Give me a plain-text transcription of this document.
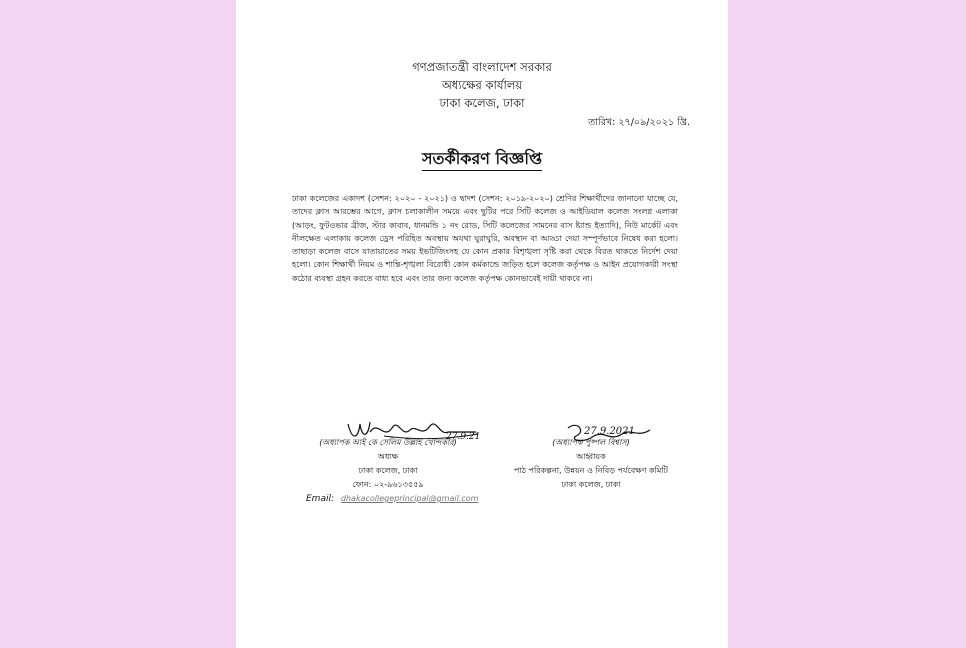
গণপ্রজাতন্ত্রী বাংলাদেশ সরকার
অধ্যক্ষের কার্যালয়
ঢাকা কলেজ, ঢাকা
তারিখ: ২৭/০৯/২০২১ খ্রি.
সতর্কীকরণ বিজ্ঞপ্তি
ঢাকা কলেজের একাদশ (সেশন: ২০২০ - ২০২১) ও দ্বাদশ (সেশন: ২০১৯-২০২০) শ্রেণির শিক্ষার্থীদের জানানো যাচ্ছে যে, তাদের ক্লাস আরম্ভের আগে, ক্লাস চলাকালীন সময়ে এবং ছুটির পরে সিটি কলেজ ও আইডিয়াল কলেজ সংলগ্ন এলাকা (আড়ং, ফুটওভার ব্রীজ, স্টার কাবাব, ধানমন্ডি ১ নং রোড, সিটি কলেজের সামনের বাস ষ্ট্যান্ড ইত্যাদি), নিউ মার্কেট এবং নীলক্ষেত এলাকায় কলেজ ড্রেস পরিহিত অবস্থায় অযথা ঘুরাঘুরি, অবস্থান বা আড্ডা দেয়া সম্পূর্ণভাবে নিষেধ করা হলো। তাছাড়া কলেজ বাসে যাতায়াতের সময় ইভটিজিংসহ যে কোন প্রকার বিশৃঙ্খলা সৃষ্টি করা থেকে বিরত থাকতে নির্দেশ দেয়া হলো। কোন শিক্ষার্থী নিয়ম ও শান্তি-শৃঙ্খলা বিরোধী কোন কর্মকান্ডে জড়িত হলে কলেজ কর্তৃপক্ষ ও আইন প্রয়োগকারী সংস্থা কঠোর ব্যবস্থা গ্রহন করতে বাধ্য হবে এবং তার জন্য কলেজ কর্তৃপক্ষ কোনভাবেই দায়ী থাকবে না।
27.9.21
(অধ্যাপক আই কে সেলিম উল্লাহ খোন্দকার)
অধ্যক্ষ
ঢাকা কলেজ, ঢাকা
ফোন: ০২-৯৬১৩৫৫৯
27.9.2021
(অধ্যাপক পুষ্পল বিশ্বাস)
আহ্বায়ক
পাঠ পরিকল্পনা, উন্নয়ন ও নিবিড় পর্যবেক্ষণ কমিটি
ঢাকা কলেজ, ঢাকা
Email: dhakacollegeprincipal@gmail.com
